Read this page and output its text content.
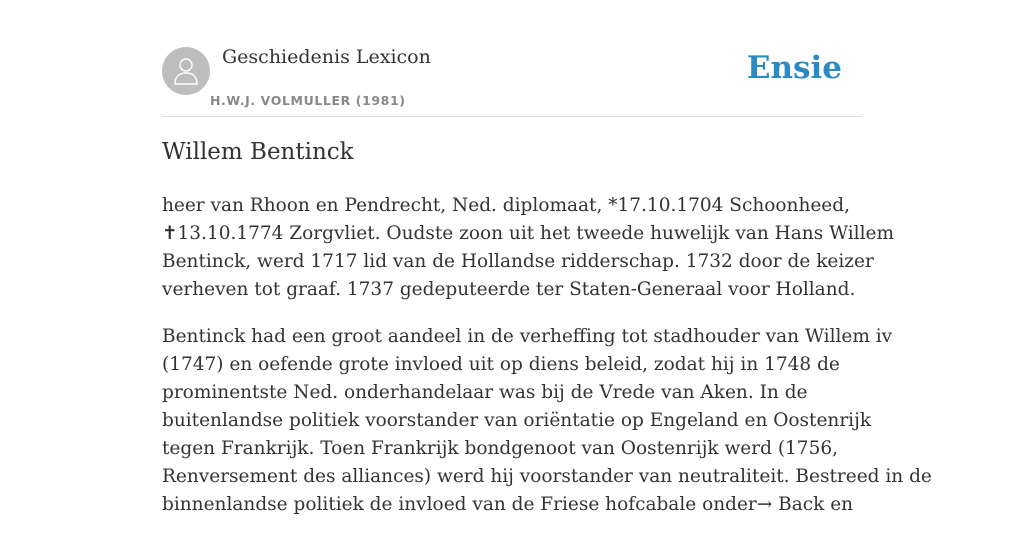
Geschiedenis Lexicon
H.W.J. VOLMULLER (1981)
Ensie
Willem Bentinck

heer van Rhoon en Pendrecht, Ned. diplomaat, *17.10.1704 Schoonheed,
✝13.10.1774 Zorgvliet. Oudste zoon uit het tweede huwelijk van Hans Willem
Bentinck, werd 1717 lid van de Hollandse ridderschap. 1732 door de keizer
verheven tot graaf. 1737 gedeputeerde ter Staten-Generaal voor Holland.

Bentinck had een groot aandeel in de verheffing tot stadhouder van Willem iv
(1747) en oefende grote invloed uit op diens beleid, zodat hij in 1748 de
prominentste Ned. onderhandelaar was bij de Vrede van Aken. In de
buitenlandse politiek voorstander van oriëntatie op Engeland en Oostenrijk
tegen Frankrijk. Toen Frankrijk bondgenoot van Oostenrijk werd (1756,
Renversement des alliances) werd hij voorstander van neutraliteit. Bestreed in de
binnenlandse politiek de invloed van de Friese hofcabale onder→ Back en
